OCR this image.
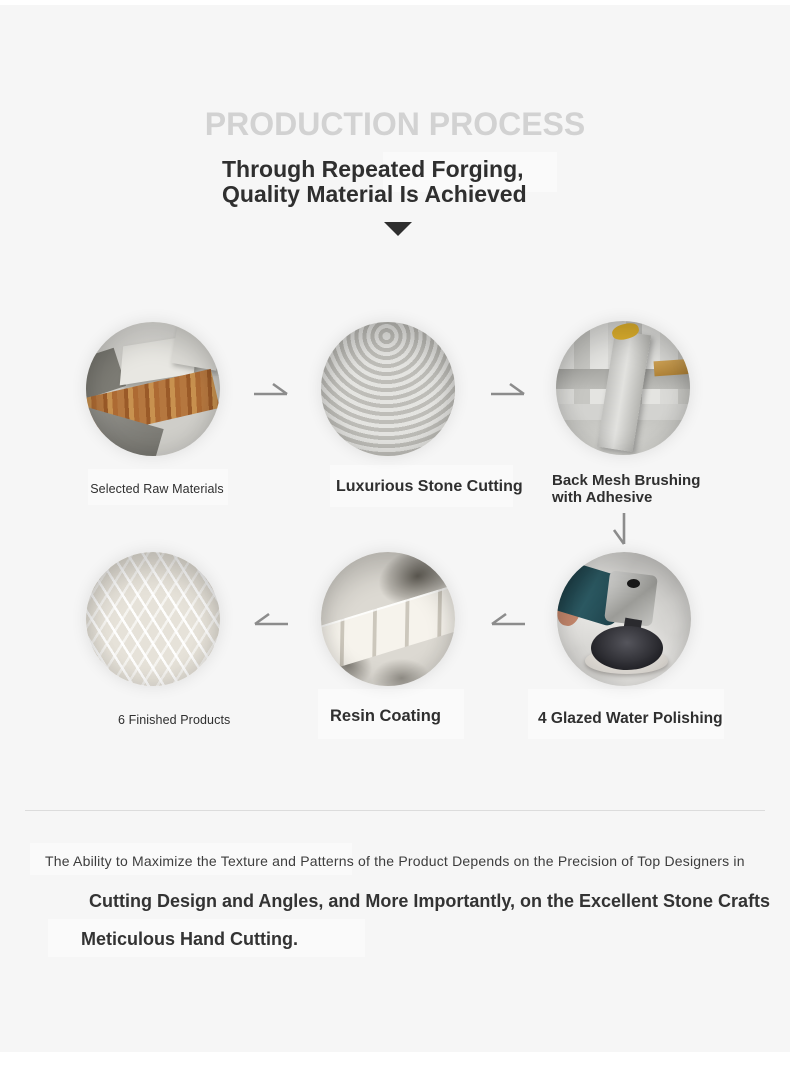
PRODUCTION PROCESS
Through Repeated Forging,
Quality Material Is Achieved
Selected Raw Materials	Luxurious Stone Cutting Back Mesh Brushing with Adhesive
6 Finished Products	Resin Coating	4 Glazed Water Polishing
The Ability to Maximize the Texture and Patterns of the Product Depends on the Precision of Top Designers in
Cutting Design and Angles, and More Importantly, on the Excellent Stone Crafts
Meticulous Hand Cutting.
